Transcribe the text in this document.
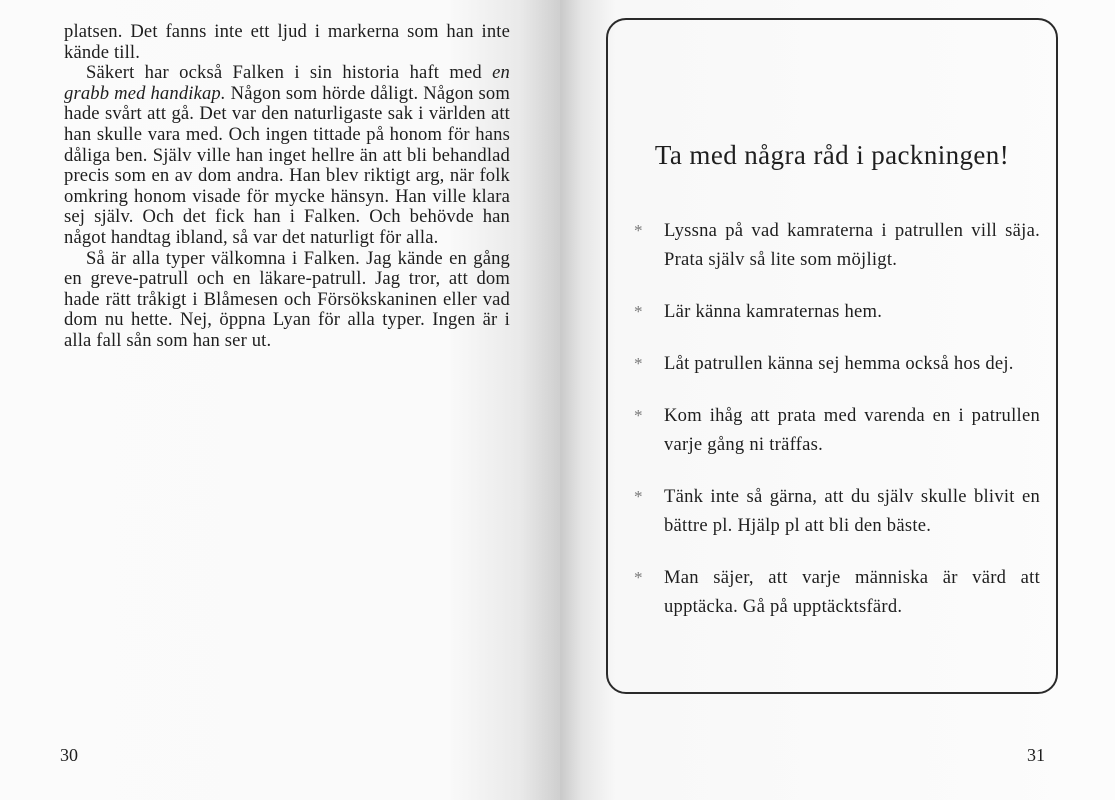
platsen. Det fanns inte ett ljud i markerna som han inte kände till.

Säkert har också Falken i sin historia haft med en grabb med handikap. Någon som hörde dåligt. Någon som hade svårt att gå. Det var den naturligaste sak i världen att han skulle vara med. Och ingen tittade på honom för hans dåliga ben. Själv ville han inget hellre än att bli behandlad precis som en av dom andra. Han blev riktigt arg, när folk omkring honom visade för mycke hänsyn. Han ville klara sej själv. Och det fick han i Falken. Och behövde han något handtag ibland, så var det naturligt för alla.

Så är alla typer välkomna i Falken. Jag kände en gång en greve-patrull och en läkare-patrull. Jag tror, att dom hade rätt tråkigt i Blåmesen och Försökskaninen eller vad dom nu hette. Nej, öppna Lyan för alla typer. Ingen är i alla fall sån som han ser ut.

30
Ta med några råd i packningen!
* Lyssna på vad kamraterna i patrullen vill säja. Prata själv så lite som möjligt.
* Lär känna kamraternas hem.
* Låt patrullen känna sej hemma också hos dej.
* Kom ihåg att prata med varenda en i patrullen varje gång ni träffas.
* Tänk inte så gärna, att du själv skulle blivit en bättre pl. Hjälp pl att bli den bäste.
* Man säjer, att varje människa är värd att upptäcka. Gå på upptäcktsfärd.
31
